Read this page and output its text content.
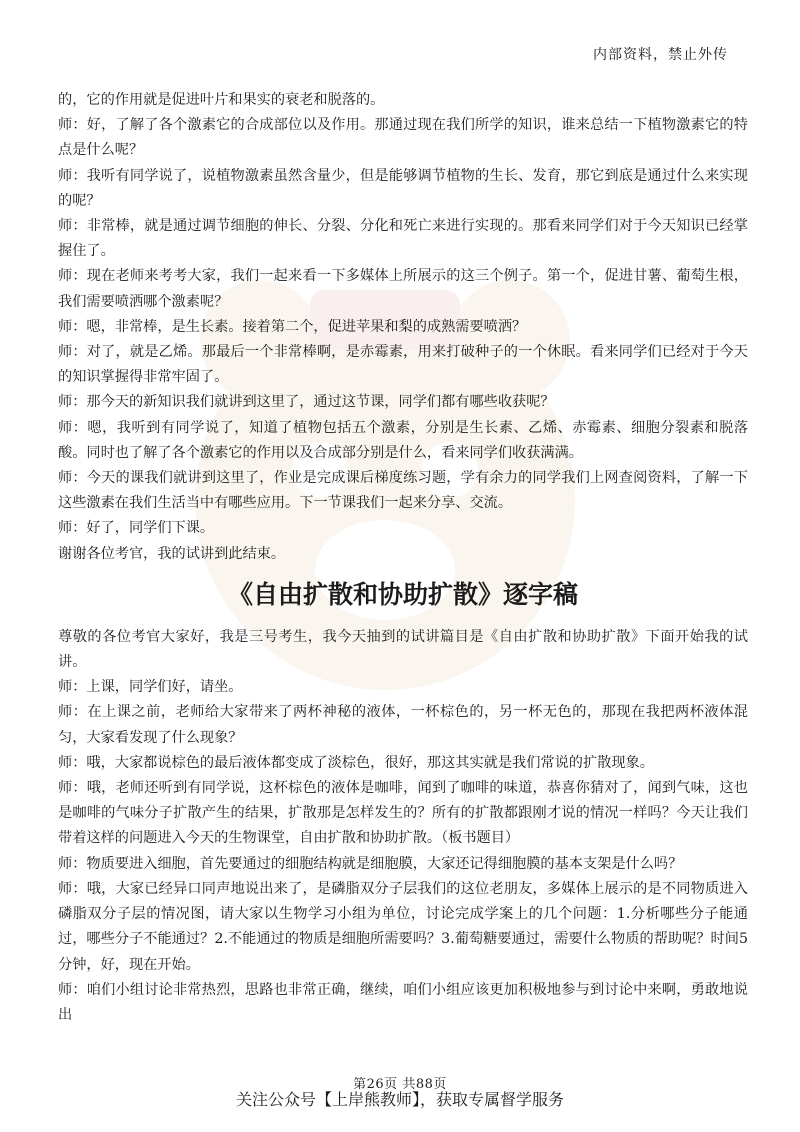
内部资料，禁止外传

的，它的作用就是促进叶片和果实的衰老和脱落的。

师：好，了解了各个激素它的合成部位以及作用。那通过现在我们所学的知识，谁来总结一下植物激素它的特点是什么呢？

师：我听有同学说了，说植物激素虽然含量少，但是能够调节植物的生长、发育，那它到底是通过什么来实现的呢？

师：非常棒，就是通过调节细胞的伸长、分裂、分化和死亡来进行实现的。那看来同学们对于今天知识已经掌握住了。

师：现在老师来考考大家，我们一起来看一下多媒体上所展示的这三个例子。第一个，促进甘薯、葡萄生根，我们需要喷洒哪个激素呢？

师：嗯，非常棒，是生长素。接着第二个，促进苹果和梨的成熟需要喷洒？

师：对了，就是乙烯。那最后一个非常棒啊，是赤霉素，用来打破种子的一个休眠。看来同学们已经对于今天的知识掌握得非常牢固了。

师：那今天的新知识我们就讲到这里了，通过这节课，同学们都有哪些收获呢？

师：嗯，我听到有同学说了，知道了植物包括五个激素，分别是生长素、乙烯、赤霉素、细胞分裂素和脱落酸。同时也了解了各个激素它的作用以及合成部分别是什么，看来同学们收获满满。

师：今天的课我们就讲到这里了，作业是完成课后梯度练习题，学有余力的同学我们上网查阅资料，了解一下这些激素在我们生活当中有哪些应用。下一节课我们一起来分享、交流。

师：好了，同学们下课。

谢谢各位考官，我的试讲到此结束。

《自由扩散和协助扩散》逐字稿

尊敬的各位考官大家好，我是三号考生，我今天抽到的试讲篇目是《自由扩散和协助扩散》下面开始我的试讲。

师：上课，同学们好，请坐。

师：在上课之前，老师给大家带来了两杯神秘的液体，一杯棕色的，另一杯无色的，那现在我把两杯液体混匀，大家看发现了什么现象？

师：哦，大家都说棕色的最后液体都变成了淡棕色，很好，那这其实就是我们常说的扩散现象。

师：哦，老师还听到有同学说，这杯棕色的液体是咖啡，闻到了咖啡的味道，恭喜你猜对了，闻到气味，这也是咖啡的气味分子扩散产生的结果，扩散那是怎样发生的？所有的扩散都跟刚才说的情况一样吗？今天让我们带着这样的问题进入今天的生物课堂，自由扩散和协助扩散。（板书题目）

师：物质要进入细胞，首先要通过的细胞结构就是细胞膜，大家还记得细胞膜的基本支架是什么吗？

师：哦，大家已经异口同声地说出来了，是磷脂双分子层我们的这位老朋友，多媒体上展示的是不同物质进入磷脂双分子层的情况图，请大家以生物学习小组为单位，讨论完成学案上的几个问题：1.分析哪些分子能通过，哪些分子不能通过？2.不能通过的物质是细胞所需要吗？3.葡萄糖要通过，需要什么物质的帮助呢？时间5分钟，好，现在开始。

师：咱们小组讨论非常热烈，思路也非常正确，继续，咱们小组应该更加积极地参与到讨论中来啊，勇敢地说出

第26页 共88页
关注公众号【上岸熊教师】，获取专属督学服务
